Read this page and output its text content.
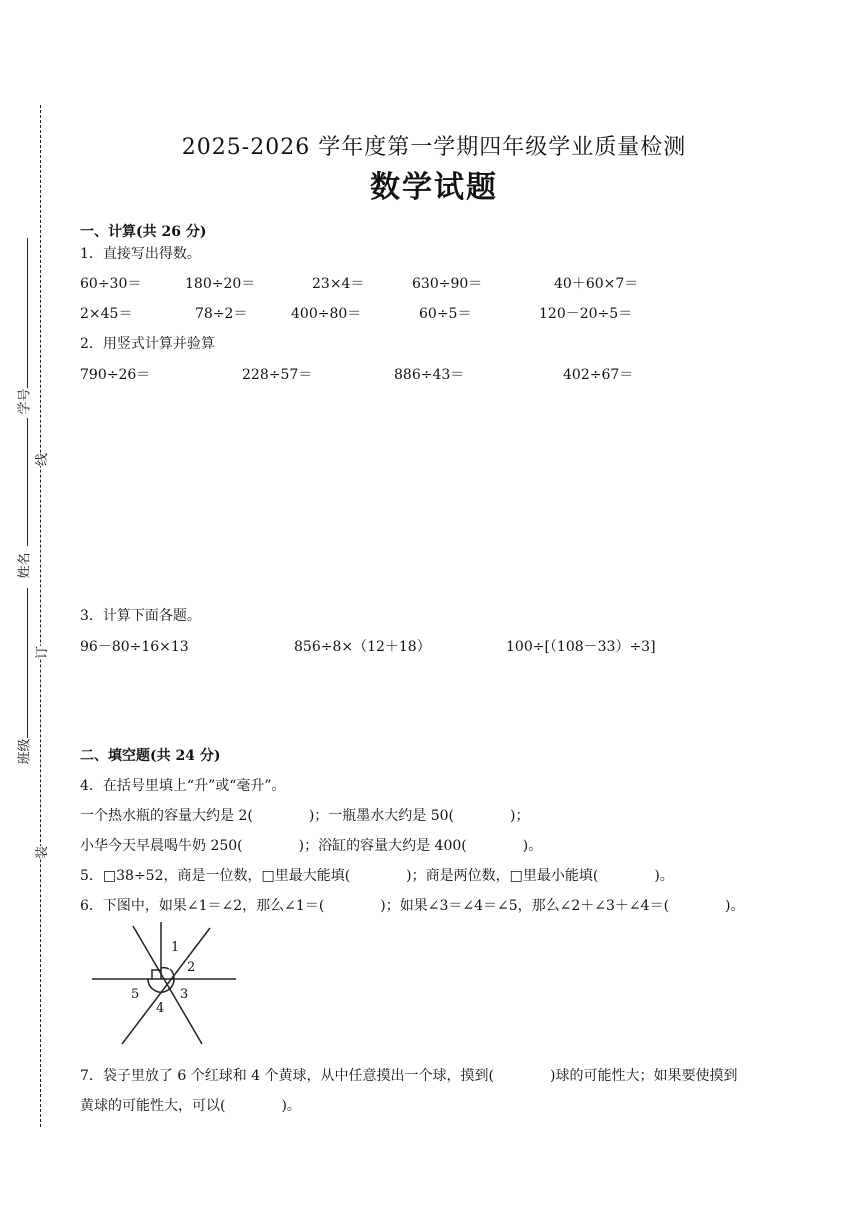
学号
姓名
班级
线
订
装
2025-2026 学年度第一学期四年级学业质量检测
数学试题
一、计算(共 26 分)
1．直接写出得数。
60÷30＝	180÷20＝	23×4＝	630÷90＝	40＋60×7＝
2×45＝	78÷2＝	400÷80＝	60÷5＝	120－20÷5＝
2．用竖式计算并验算
790÷26＝	228÷57＝	886÷43＝	402÷67＝
3．计算下面各题。
96－80÷16×13	856÷8×（12＋18）	100÷[（108－33）÷3]
二、填空题(共 24 分)
4．在括号里填上“升”或“毫升”。
一个热水瓶的容量大约是 2(　　　　)；一瓶墨水大约是 50(　　　　)；
小华今天早晨喝牛奶 250(　　　　)；浴缸的容量大约是 400(　　　　)。
5．□38÷52，商是一位数，□里最大能填(　　　　)；商是两位数，□里最小能填(　　　　)。
6．下图中，如果∠1＝∠2，那么∠1＝(　　　　)；如果∠3＝∠4＝∠5，那么∠2＋∠3＋∠4＝(　　　　)。
1
2
3
4
5
7．袋子里放了 6 个红球和 4 个黄球，从中任意摸出一个球，摸到(　　　　)球的可能性大；如果要使摸到
黄球的可能性大，可以(　　　　)。
